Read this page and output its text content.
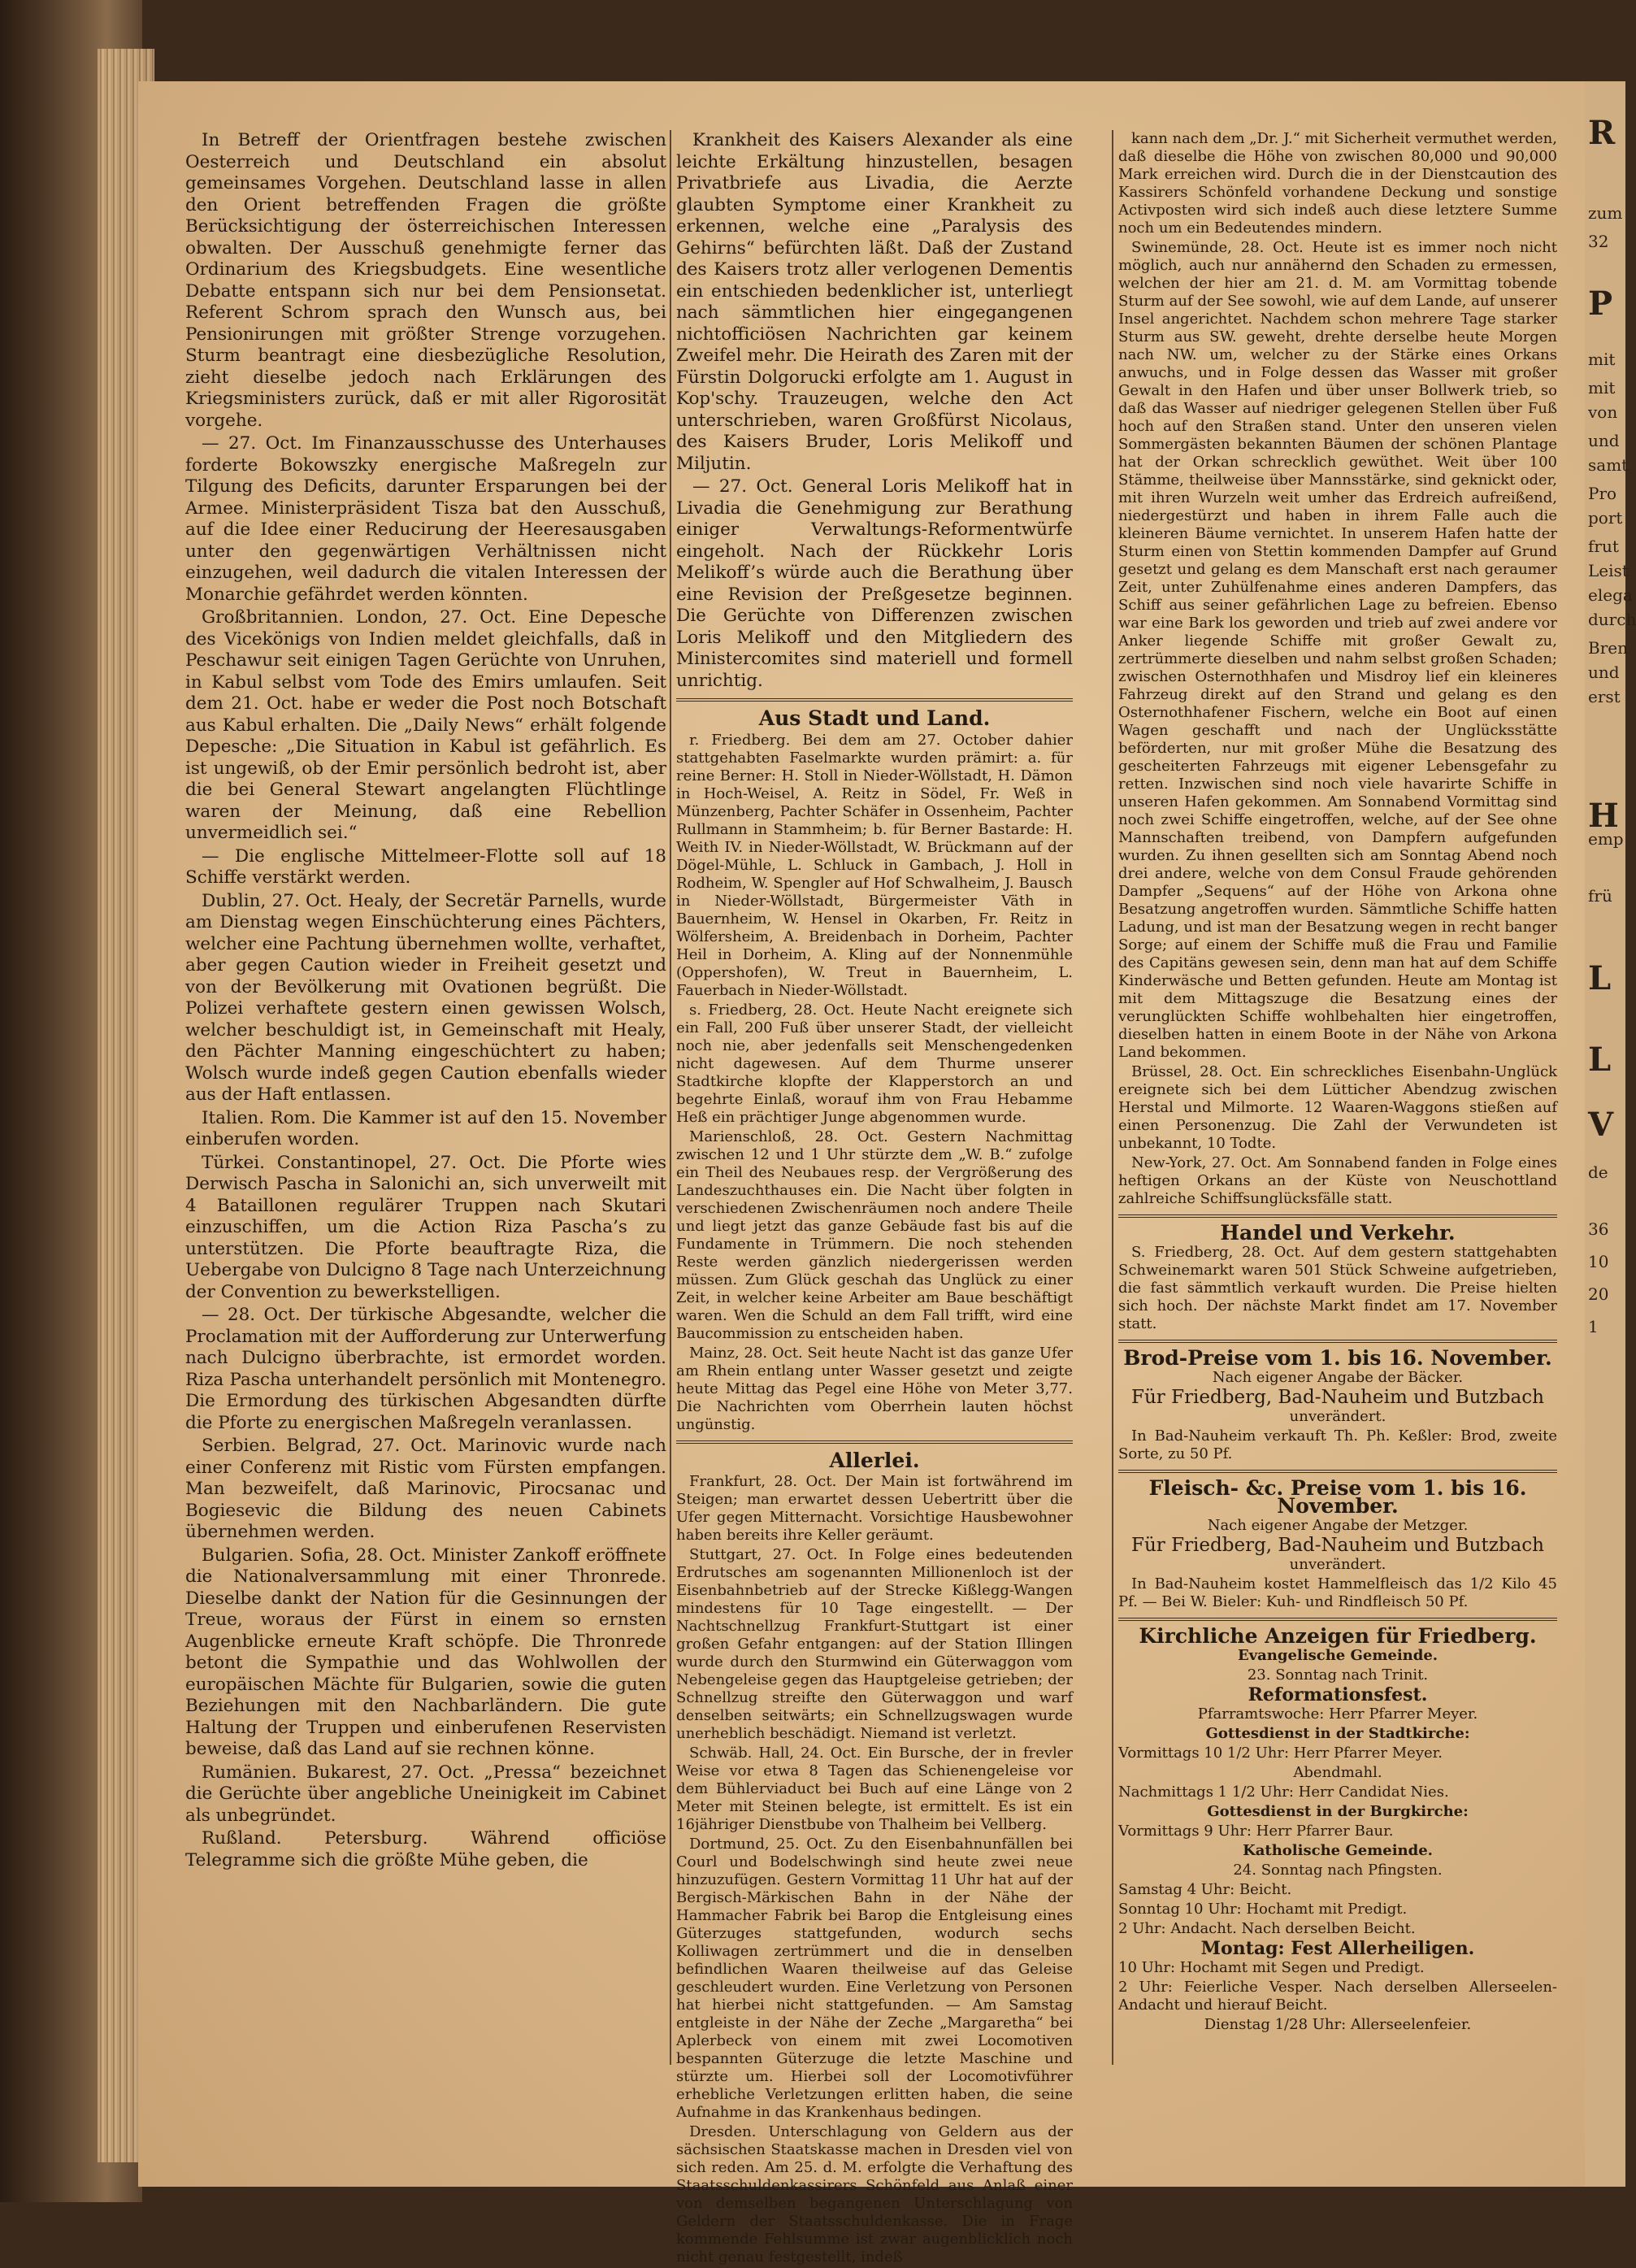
R
zum
32
P
mit
mit
von
und
samt
Pro
port
frut
Leist
elega
durch
Bren
und
erst
H
emp
frü
L
L
V
de
36
10
20
1

In Betreff der Orientfragen bestehe zwischen Oesterreich und Deutschland ein absolut gemeinsames Vorgehen. Deutschland lasse in allen den Orient betreffenden Fragen die größte Berücksichtigung der österreichischen Interessen obwalten. Der Ausschuß genehmigte ferner das Ordinarium des Kriegsbudgets. Eine wesentliche Debatte entspann sich nur bei dem Pensionsetat. Referent Schrom sprach den Wunsch aus, bei Pensionirungen mit größter Strenge vorzugehen. Sturm beantragt eine diesbezügliche Resolution, zieht dieselbe jedoch nach Erklärungen des Kriegsministers zurück, daß er mit aller Rigorosität vorgehe.

— 27. Oct. Im Finanzausschusse des Unterhauses forderte Bokowszky energische Maßregeln zur Tilgung des Deficits, darunter Ersparungen bei der Armee. Ministerpräsident Tisza bat den Ausschuß, auf die Idee einer Reducirung der Heeresausgaben unter den gegenwärtigen Verhältnissen nicht einzugehen, weil dadurch die vitalen Interessen der Monarchie gefährdet werden könnten.

Großbritannien. London, 27. Oct. Eine Depesche des Vicekönigs von Indien meldet gleichfalls, daß in Peschawur seit einigen Tagen Gerüchte von Unruhen, in Kabul selbst vom Tode des Emirs umlaufen. Seit dem 21. Oct. habe er weder die Post noch Botschaft aus Kabul erhalten. Die „Daily News“ erhält folgende Depesche: „Die Situation in Kabul ist gefährlich. Es ist ungewiß, ob der Emir persönlich bedroht ist, aber die bei General Stewart angelangten Flüchtlinge waren der Meinung, daß eine Rebellion unvermeidlich sei.“

— Die englische Mittelmeer-Flotte soll auf 18 Schiffe verstärkt werden.

Dublin, 27. Oct. Healy, der Secretär Parnells, wurde am Dienstag wegen Einschüchterung eines Pächters, welcher eine Pachtung übernehmen wollte, verhaftet, aber gegen Caution wieder in Freiheit gesetzt und von der Bevölkerung mit Ovationen begrüßt. Die Polizei verhaftete gestern einen gewissen Wolsch, welcher beschuldigt ist, in Gemeinschaft mit Healy, den Pächter Manning eingeschüchtert zu haben; Wolsch wurde indeß gegen Caution ebenfalls wieder aus der Haft entlassen.

Italien. Rom. Die Kammer ist auf den 15. November einberufen worden.

Türkei. Constantinopel, 27. Oct. Die Pforte wies Derwisch Pascha in Salonichi an, sich unverweilt mit 4 Bataillonen regulärer Truppen nach Skutari einzuschiffen, um die Action Riza Pascha’s zu unterstützen. Die Pforte beauftragte Riza, die Uebergabe von Dulcigno 8 Tage nach Unterzeichnung der Convention zu bewerkstelligen.

— 28. Oct. Der türkische Abgesandte, welcher die Proclamation mit der Aufforderung zur Unterwerfung nach Dulcigno überbrachte, ist ermordet worden. Riza Pascha unterhandelt persönlich mit Montenegro. Die Ermordung des türkischen Abgesandten dürfte die Pforte zu energischen Maßregeln veranlassen.

Serbien. Belgrad, 27. Oct. Marinovic wurde nach einer Conferenz mit Ristic vom Fürsten empfangen. Man bezweifelt, daß Marinovic, Pirocsanac und Bogiesevic die Bildung des neuen Cabinets übernehmen werden.

Bulgarien. Sofia, 28. Oct. Minister Zankoff eröffnete die Nationalversammlung mit einer Thronrede. Dieselbe dankt der Nation für die Gesinnungen der Treue, woraus der Fürst in einem so ernsten Augenblicke erneute Kraft schöpfe. Die Thronrede betont die Sympathie und das Wohlwollen der europäischen Mächte für Bulgarien, sowie die guten Beziehungen mit den Nachbarländern. Die gute Haltung der Truppen und einberufenen Reservisten beweise, daß das Land auf sie rechnen könne.

Rumänien. Bukarest, 27. Oct. „Pressa“ bezeichnet die Gerüchte über angebliche Uneinigkeit im Cabinet als unbegründet.

Rußland. Petersburg. Während officiöse Telegramme sich die größte Mühe geben, die

Krankheit des Kaisers Alexander als eine leichte Erkältung hinzustellen, besagen Privatbriefe aus Livadia, die Aerzte glaubten Symptome einer Krankheit zu erkennen, welche eine „Paralysis des Gehirns“ befürchten läßt. Daß der Zustand des Kaisers trotz aller verlogenen Dementis ein entschieden bedenklicher ist, unterliegt nach sämmtlichen hier eingegangenen nichtofficiösen Nachrichten gar keinem Zweifel mehr. Die Heirath des Zaren mit der Fürstin Dolgorucki erfolgte am 1. August in Kop'schy. Trauzeugen, welche den Act unterschrieben, waren Großfürst Nicolaus, des Kaisers Bruder, Loris Melikoff und Miljutin.

— 27. Oct. General Loris Melikoff hat in Livadia die Genehmigung zur Berathung einiger Verwaltungs-Reformentwürfe eingeholt. Nach der Rückkehr Loris Melikoff’s würde auch die Berathung über eine Revision der Preßgesetze beginnen. Die Gerüchte von Differenzen zwischen Loris Melikoff und den Mitgliedern des Ministercomites sind materiell und formell unrichtig.

Aus Stadt und Land.

r. Friedberg. Bei dem am 27. October dahier stattgehabten Faselmarkte wurden prämirt: a. für reine Berner: H. Stoll in Nieder-Wöllstadt, H. Dämon in Hoch-Weisel, A. Reitz in Södel, Fr. Weß in Münzenberg, Pachter Schäfer in Ossenheim, Pachter Rullmann in Stammheim; b. für Berner Bastarde: H. Weith IV. in Nieder-Wöllstadt, W. Brückmann auf der Dögel-Mühle, L. Schluck in Gambach, J. Holl in Rodheim, W. Spengler auf Hof Schwalheim, J. Bausch in Nieder-Wöllstadt, Bürgermeister Väth in Bauernheim, W. Hensel in Okarben, Fr. Reitz in Wölfersheim, A. Breidenbach in Dorheim, Pachter Heil in Dorheim, A. Kling auf der Nonnenmühle (Oppershofen), W. Treut in Bauernheim, L. Fauerbach in Nieder-Wöllstadt.

s. Friedberg, 28. Oct. Heute Nacht ereignete sich ein Fall, 200 Fuß über unserer Stadt, der vielleicht noch nie, aber jedenfalls seit Menschengedenken nicht dagewesen. Auf dem Thurme unserer Stadtkirche klopfte der Klapperstorch an und begehrte Einlaß, worauf ihm von Frau Hebamme Heß ein prächtiger Junge abgenommen wurde.

Marienschloß, 28. Oct. Gestern Nachmittag zwischen 12 und 1 Uhr stürzte dem „W. B.“ zufolge ein Theil des Neubaues resp. der Vergrößerung des Landeszuchthauses ein. Die Nacht über folgten in verschiedenen Zwischenräumen noch andere Theile und liegt jetzt das ganze Gebäude fast bis auf die Fundamente in Trümmern. Die noch stehenden Reste werden gänzlich niedergerissen werden müssen. Zum Glück geschah das Unglück zu einer Zeit, in welcher keine Arbeiter am Baue beschäftigt waren. Wen die Schuld an dem Fall trifft, wird eine Baucommission zu entscheiden haben.

Mainz, 28. Oct. Seit heute Nacht ist das ganze Ufer am Rhein entlang unter Wasser gesetzt und zeigte heute Mittag das Pegel eine Höhe von Meter 3,77. Die Nachrichten vom Oberrhein lauten höchst ungünstig.

Allerlei.

Frankfurt, 28. Oct. Der Main ist fortwährend im Steigen; man erwartet dessen Uebertritt über die Ufer gegen Mitternacht. Vorsichtige Hausbewohner haben bereits ihre Keller geräumt.

Stuttgart, 27. Oct. In Folge eines bedeutenden Erdrutsches am sogenannten Millionenloch ist der Eisenbahnbetrieb auf der Strecke Kißlegg-Wangen mindestens für 10 Tage eingestellt. — Der Nachtschnellzug Frankfurt-Stuttgart ist einer großen Gefahr entgangen: auf der Station Illingen wurde durch den Sturmwind ein Güterwaggon vom Nebengeleise gegen das Hauptgeleise getrieben; der Schnellzug streifte den Güterwaggon und warf denselben seitwärts; ein Schnellzugswagen wurde unerheblich beschädigt. Niemand ist verletzt.

Schwäb. Hall, 24. Oct. Ein Bursche, der in frevler Weise vor etwa 8 Tagen das Schienengeleise vor dem Bühlerviaduct bei Buch auf eine Länge von 2 Meter mit Steinen belegte, ist ermittelt. Es ist ein 16jähriger Dienstbube von Thalheim bei Vellberg.

Dortmund, 25. Oct. Zu den Eisenbahnunfällen bei Courl und Bodelschwingh sind heute zwei neue hinzuzufügen. Gestern Vormittag 11 Uhr hat auf der Bergisch-Märkischen Bahn in der Nähe der Hammacher Fabrik bei Barop die Entgleisung eines Güterzuges stattgefunden, wodurch sechs Kolliwagen zertrümmert und die in denselben befindlichen Waaren theilweise auf das Geleise geschleudert wurden. Eine Verletzung von Personen hat hierbei nicht stattgefunden. — Am Samstag entgleiste in der Nähe der Zeche „Margaretha“ bei Aplerbeck von einem mit zwei Locomotiven bespannten Güterzuge die letzte Maschine und stürzte um. Hierbei soll der Locomotivführer erhebliche Verletzungen erlitten haben, die seine Aufnahme in das Krankenhaus bedingen.

Dresden. Unterschlagung von Geldern aus der sächsischen Staatskasse machen in Dresden viel von sich reden. Am 25. d. M. erfolgte die Verhaftung des Staatsschuldenkassirers Schönfeld aus Anlaß einer von demselben begangenen Unterschlagung von Geldern der Staatsschuldenkasse. Die in Frage kommende Fehlsumme ist zwar augenblicklich noch nicht genau festgestellt, indeß

kann nach dem „Dr. J.“ mit Sicherheit vermuthet werden, daß dieselbe die Höhe von zwischen 80,000 und 90,000 Mark erreichen wird. Durch die in der Dienstcaution des Kassirers Schönfeld vorhandene Deckung und sonstige Activposten wird sich indeß auch diese letztere Summe noch um ein Bedeutendes mindern.

Swinemünde, 28. Oct. Heute ist es immer noch nicht möglich, auch nur annähernd den Schaden zu ermessen, welchen der hier am 21. d. M. am Vormittag tobende Sturm auf der See sowohl, wie auf dem Lande, auf unserer Insel angerichtet. Nachdem schon mehrere Tage starker Sturm aus SW. geweht, drehte derselbe heute Morgen nach NW. um, welcher zu der Stärke eines Orkans anwuchs, und in Folge dessen das Wasser mit großer Gewalt in den Hafen und über unser Bollwerk trieb, so daß das Wasser auf niedriger gelegenen Stellen über Fuß hoch auf den Straßen stand. Unter den unseren vielen Sommergästen bekannten Bäumen der schönen Plantage hat der Orkan schrecklich gewüthet. Weit über 100 Stämme, theilweise über Mannsstärke, sind geknickt oder, mit ihren Wurzeln weit umher das Erdreich aufreißend, niedergestürzt und haben in ihrem Falle auch die kleineren Bäume vernichtet. In unserem Hafen hatte der Sturm einen von Stettin kommenden Dampfer auf Grund gesetzt und gelang es dem Manschaft erst nach geraumer Zeit, unter Zuhülfenahme eines anderen Dampfers, das Schiff aus seiner gefährlichen Lage zu befreien. Ebenso war eine Bark los geworden und trieb auf zwei andere vor Anker liegende Schiffe mit großer Gewalt zu, zertrümmerte dieselben und nahm selbst großen Schaden; zwischen Osternothhafen und Misdroy lief ein kleineres Fahrzeug direkt auf den Strand und gelang es den Osternothhafener Fischern, welche ein Boot auf einen Wagen geschafft und nach der Unglücksstätte beförderten, nur mit großer Mühe die Besatzung des gescheiterten Fahrzeugs mit eigener Lebensgefahr zu retten. Inzwischen sind noch viele havarirte Schiffe in unseren Hafen gekommen. Am Sonnabend Vormittag sind noch zwei Schiffe eingetroffen, welche, auf der See ohne Mannschaften treibend, von Dampfern aufgefunden wurden. Zu ihnen gesellten sich am Sonntag Abend noch drei andere, welche von dem Consul Fraude gehörenden Dampfer „Sequens“ auf der Höhe von Arkona ohne Besatzung angetroffen wurden. Sämmtliche Schiffe hatten Ladung, und ist man der Besatzung wegen in recht banger Sorge; auf einem der Schiffe muß die Frau und Familie des Capitäns gewesen sein, denn man hat auf dem Schiffe Kinderwäsche und Betten gefunden. Heute am Montag ist mit dem Mittagszuge die Besatzung eines der verunglückten Schiffe wohlbehalten hier eingetroffen, dieselben hatten in einem Boote in der Nähe von Arkona Land bekommen.

Brüssel, 28. Oct. Ein schreckliches Eisenbahn-Unglück ereignete sich bei dem Lütticher Abendzug zwischen Herstal und Milmorte. 12 Waaren-Waggons stießen auf einen Personenzug. Die Zahl der Verwundeten ist unbekannt, 10 Todte.

New-York, 27. Oct. Am Sonnabend fanden in Folge eines heftigen Orkans an der Küste von Neuschottland zahlreiche Schiffsunglücksfälle statt.

Handel und Verkehr.

S. Friedberg, 28. Oct. Auf dem gestern stattgehabten Schweinemarkt waren 501 Stück Schweine aufgetrieben, die fast sämmtlich verkauft wurden. Die Preise hielten sich hoch. Der nächste Markt findet am 17. November statt.

Brod-Preise vom 1. bis 16. November.

Nach eigener Angabe der Bäcker.

Für Friedberg, Bad-Nauheim und Butzbach

unverändert.

In Bad-Nauheim verkauft Th. Ph. Keßler: Brod, zweite Sorte, zu 50 Pf.

Fleisch- &c. Preise vom 1. bis 16. November.

Nach eigener Angabe der Metzger.

Für Friedberg, Bad-Nauheim und Butzbach

unverändert.

In Bad-Nauheim kostet Hammelfleisch das 1/2 Kilo 45 Pf. — Bei W. Bieler: Kuh- und Rindfleisch 50 Pf.

Kirchliche Anzeigen für Friedberg.

Evangelische Gemeinde.

23. Sonntag nach Trinit.

Reformationsfest.

Pfarramtswoche: Herr Pfarrer Meyer.

Gottesdienst in der Stadtkirche:

Vormittags 10 1/2 Uhr: Herr Pfarrer Meyer.

Abendmahl.

Nachmittags 1 1/2 Uhr: Herr Candidat Nies.

Gottesdienst in der Burgkirche:

Vormittags 9 Uhr: Herr Pfarrer Baur.

Katholische Gemeinde.

24. Sonntag nach Pfingsten.

Samstag 4 Uhr: Beicht.

Sonntag 10 Uhr: Hochamt mit Predigt.

2 Uhr: Andacht. Nach derselben Beicht.

Montag: Fest Allerheiligen.

10 Uhr: Hochamt mit Segen und Predigt.

2 Uhr: Feierliche Vesper. Nach derselben Allerseelen-Andacht und hierauf Beicht.

Dienstag 1/28 Uhr: Allerseelenfeier.
